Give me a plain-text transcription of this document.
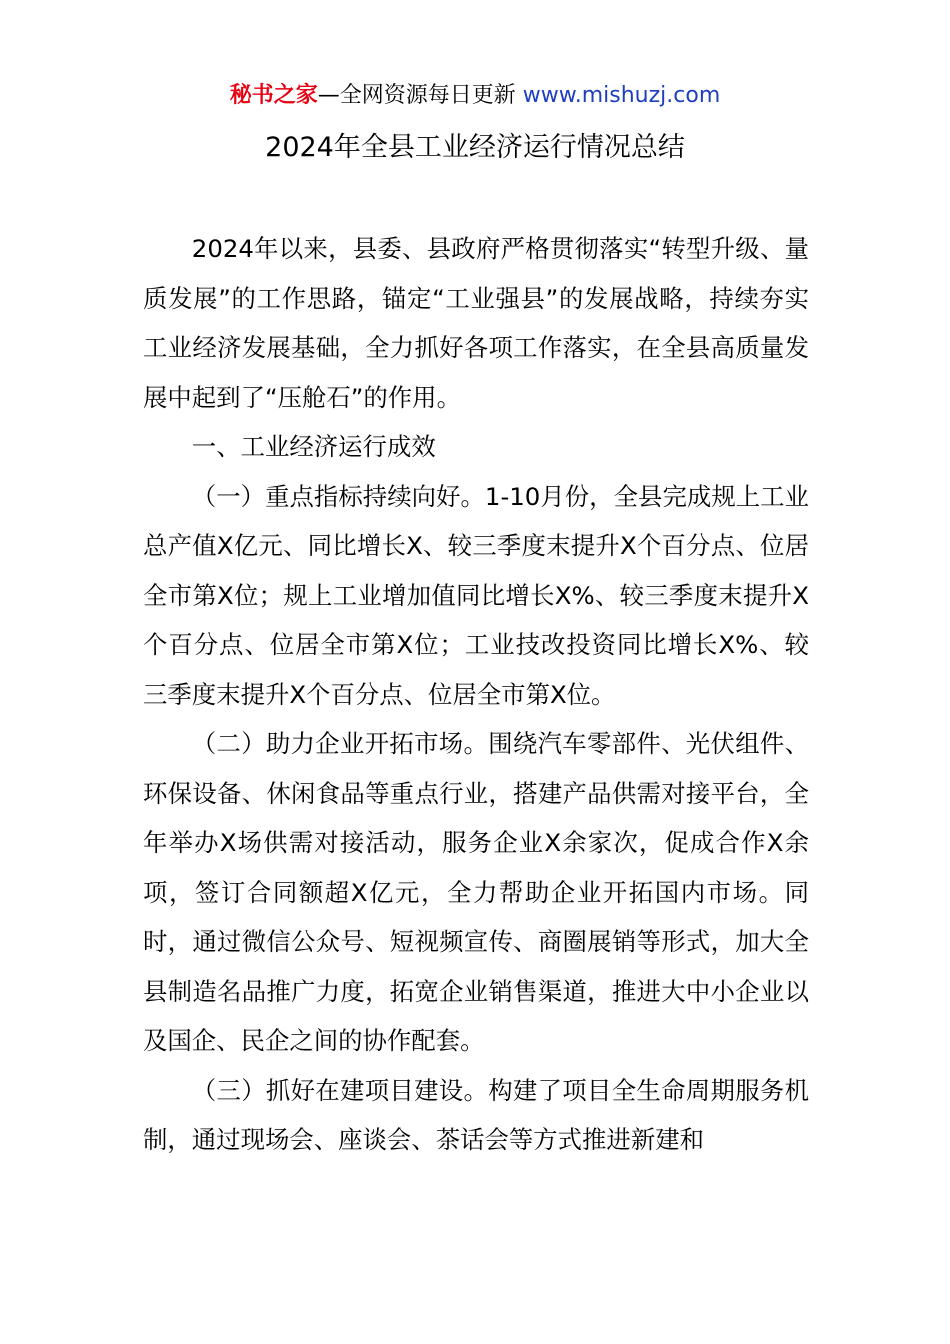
秘书之家—全网资源每日更新 www.mishuzj.com
2024年全县工业经济运行情况总结

2024年以来，县委、县政府严格贯彻落实“转型升级、量质发展”的工作思路，锚定“工业强县”的发展战略，持续夯实工业经济发展基础，全力抓好各项工作落实，在全县高质量发展中起到了“压舱石”的作用。

一、工业经济运行成效

（一）重点指标持续向好。1-10月份，全县完成规上工业总产值X亿元、同比增长X、较三季度末提升X个百分点、位居全市第X位；规上工业增加值同比增长X%、较三季度末提升X个百分点、位居全市第X位；工业技改投资同比增长X%、较三季度末提升X个百分点、位居全市第X位。

（二）助力企业开拓市场。围绕汽车零部件、光伏组件、环保设备、休闲食品等重点行业，搭建产品供需对接平台，全年举办X场供需对接活动，服务企业X余家次，促成合作X余项，签订合同额超X亿元，全力帮助企业开拓国内市场。同时，通过微信公众号、短视频宣传、商圈展销等形式，加大全县制造名品推广力度，拓宽企业销售渠道，推进大中小企业以及国企、民企之间的协作配套。

（三）抓好在建项目建设。构建了项目全生命周期服务机制，通过现场会、座谈会、茶话会等方式推进新建和
